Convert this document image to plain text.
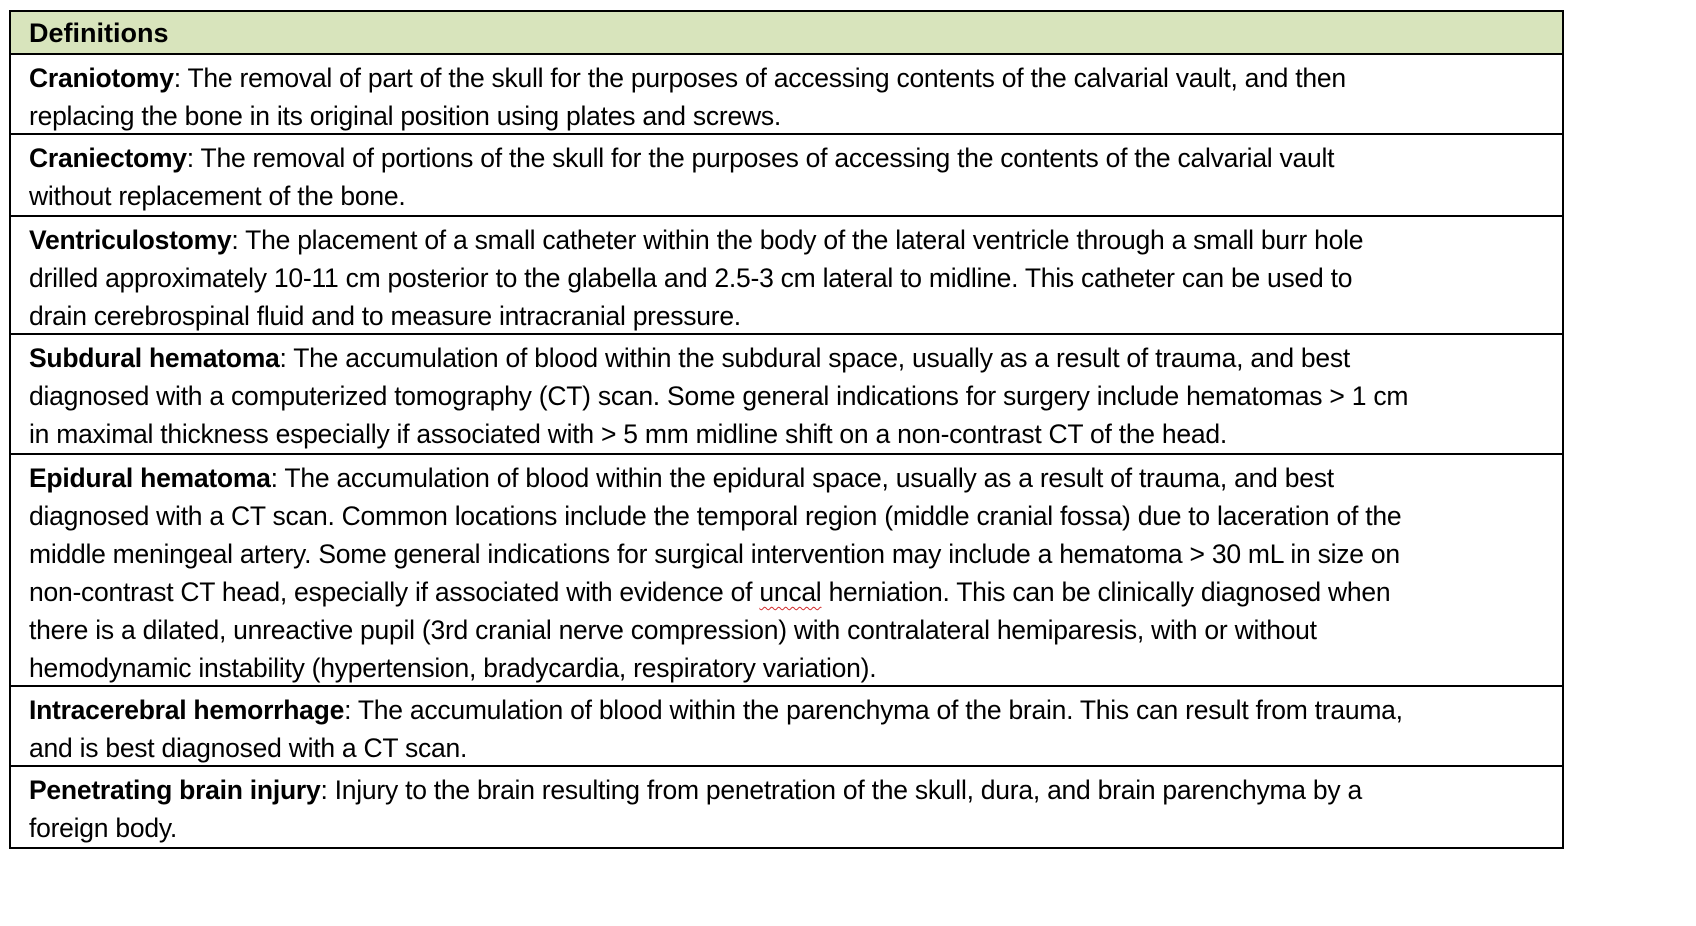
Definitions
Craniotomy: The removal of part of the skull for the purposes of accessing contents of the calvarial vault, and then
replacing the bone in its original position using plates and screws.
Craniectomy: The removal of portions of the skull for the purposes of accessing the contents of the calvarial vault
without replacement of the bone.
Ventriculostomy: The placement of a small catheter within the body of the lateral ventricle through a small burr hole
drilled approximately 10-11 cm posterior to the glabella and 2.5-3 cm lateral to midline. This catheter can be used to
drain cerebrospinal fluid and to measure intracranial pressure.
Subdural hematoma: The accumulation of blood within the subdural space, usually as a result of trauma, and best
diagnosed with a computerized tomography (CT) scan. Some general indications for surgery include hematomas > 1 cm
in maximal thickness especially if associated with > 5 mm midline shift on a non-contrast CT of the head.
Epidural hematoma: The accumulation of blood within the epidural space, usually as a result of trauma, and best
diagnosed with a CT scan. Common locations include the temporal region (middle cranial fossa) due to laceration of the
middle meningeal artery. Some general indications for surgical intervention may include a hematoma > 30 mL in size on
non-contrast CT head, especially if associated with evidence of uncal herniation. This can be clinically diagnosed when
there is a dilated, unreactive pupil (3rd cranial nerve compression) with contralateral hemiparesis, with or without
hemodynamic instability (hypertension, bradycardia, respiratory variation).
Intracerebral hemorrhage: The accumulation of blood within the parenchyma of the brain. This can result from trauma,
and is best diagnosed with a CT scan.
Penetrating brain injury: Injury to the brain resulting from penetration of the skull, dura, and brain parenchyma by a
foreign body.
